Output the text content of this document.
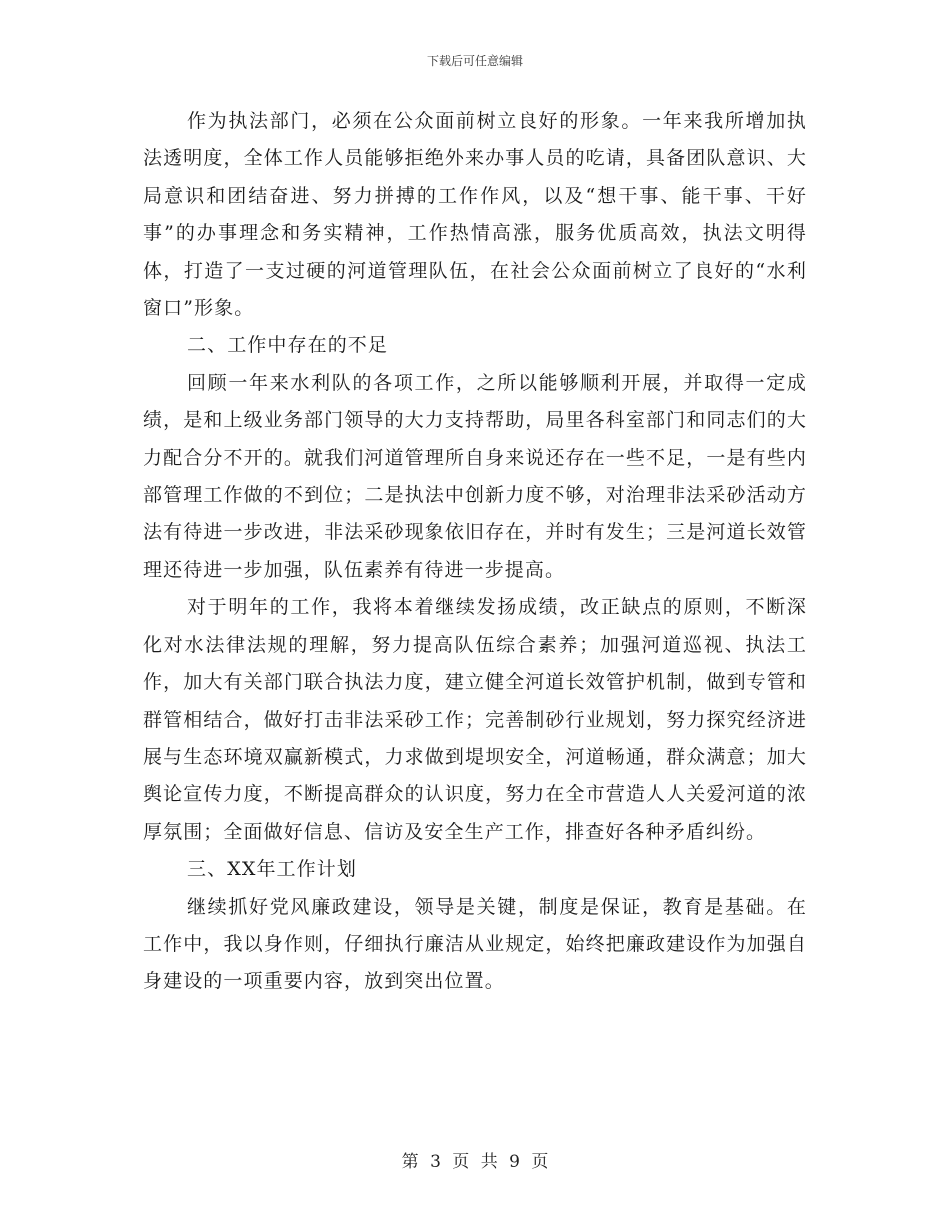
下载后可任意编辑

作为执法部门，必须在公众面前树立良好的形象。一年来我所增加执法透明度，全体工作人员能够拒绝外来办事人员的吃请，具备团队意识、大局意识和团结奋进、努力拼搏的工作作风，以及“想干事、能干事、干好事”的办事理念和务实精神，工作热情高涨，服务优质高效，执法文明得体，打造了一支过硬的河道管理队伍，在社会公众面前树立了良好的“水利窗口”形象。

二、工作中存在的不足

回顾一年来水利队的各项工作，之所以能够顺利开展，并取得一定成绩，是和上级业务部门领导的大力支持帮助，局里各科室部门和同志们的大力配合分不开的。就我们河道管理所自身来说还存在一些不足，一是有些内部管理工作做的不到位；二是执法中创新力度不够，对治理非法采砂活动方法有待进一步改进，非法采砂现象依旧存在，并时有发生；三是河道长效管理还待进一步加强，队伍素养有待进一步提高。

对于明年的工作，我将本着继续发扬成绩，改正缺点的原则，不断深化对水法律法规的理解，努力提高队伍综合素养；加强河道巡视、执法工作，加大有关部门联合执法力度，建立健全河道长效管护机制，做到专管和群管相结合，做好打击非法采砂工作；完善制砂行业规划，努力探究经济进展与生态环境双赢新模式，力求做到堤坝安全，河道畅通，群众满意；加大舆论宣传力度，不断提高群众的认识度，努力在全市营造人人关爱河道的浓厚氛围；全面做好信息、信访及安全生产工作，排查好各种矛盾纠纷。

三、XX年工作计划

继续抓好党风廉政建设，领导是关键，制度是保证，教育是基础。在工作中，我以身作则，仔细执行廉洁从业规定，始终把廉政建设作为加强自身建设的一项重要内容，放到突出位置。

第 3 页 共 9 页
